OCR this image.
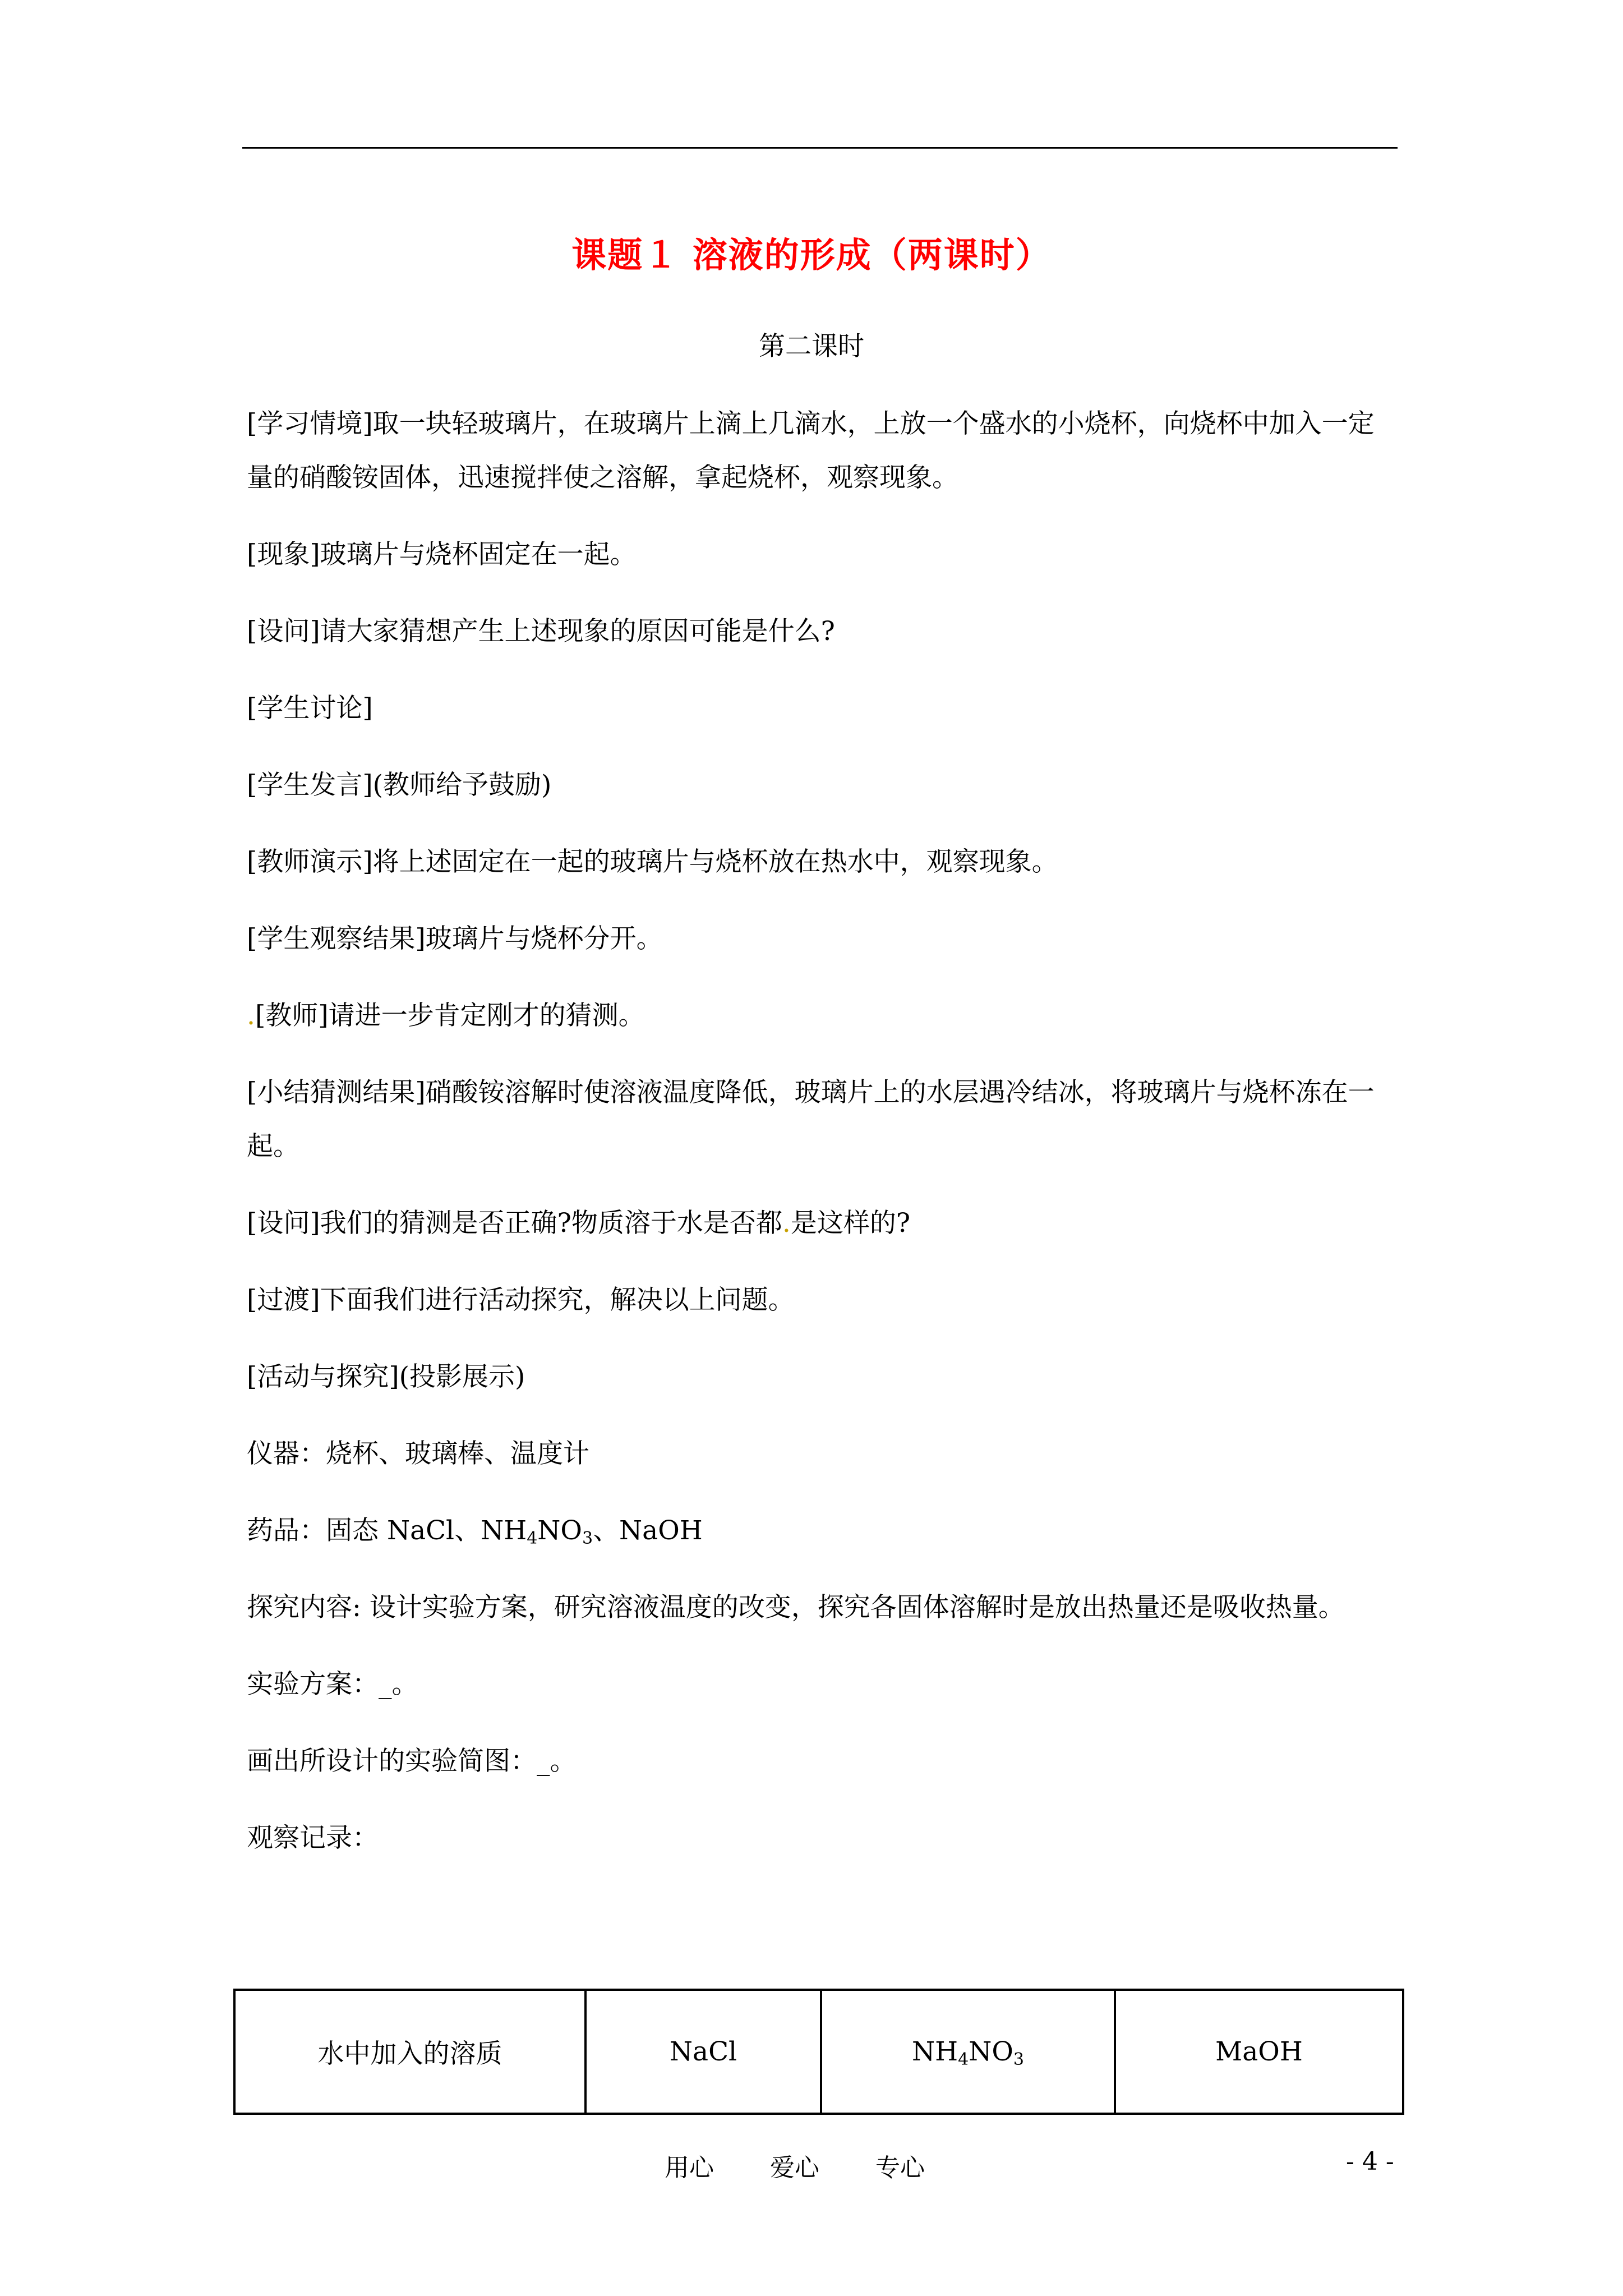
课题１ 溶液的形成（两课时）
第二课时

[学习情境]取一块轻玻璃片，在玻璃片上滴上几滴水，上放一个盛水的小烧杯，向烧杯中加入一定量的硝酸铵固体，迅速搅拌使之溶解，拿起烧杯，观察现象。

[现象]玻璃片与烧杯固定在一起。

[设问]请大家猜想产生上述现象的原因可能是什么?

[学生讨论]

[学生发言](教师给予鼓励)

[教师演示]将上述固定在一起的玻璃片与烧杯放在热水中，观察现象。

[学生观察结果]玻璃片与烧杯分开。

.[教师]请进一步肯定刚才的猜测。

[小结猜测结果]硝酸铵溶解时使溶液温度降低，玻璃片上的水层遇冷结冰，将玻璃片与烧杯冻在一起。

[设问]我们的猜测是否正确?物质溶于水是否都.是这样的?

[过渡]下面我们进行活动探究，解决以上问题。

[活动与探究](投影展示)

仪器：烧杯、玻璃棒、温度计

药品：固态 NaCl、$NH_4NO_3$、NaOH

探究内容: 设计实验方案，研究溶液温度的改变，探究各固体溶解时是放出热量还是吸收热量。

实验方案：_。

画出所设计的实验简图：_。

观察记录：

水中加入的溶质	NaCl	$NH_4NO_3$	MaOH
用心 爱心 专心	- 4 -
